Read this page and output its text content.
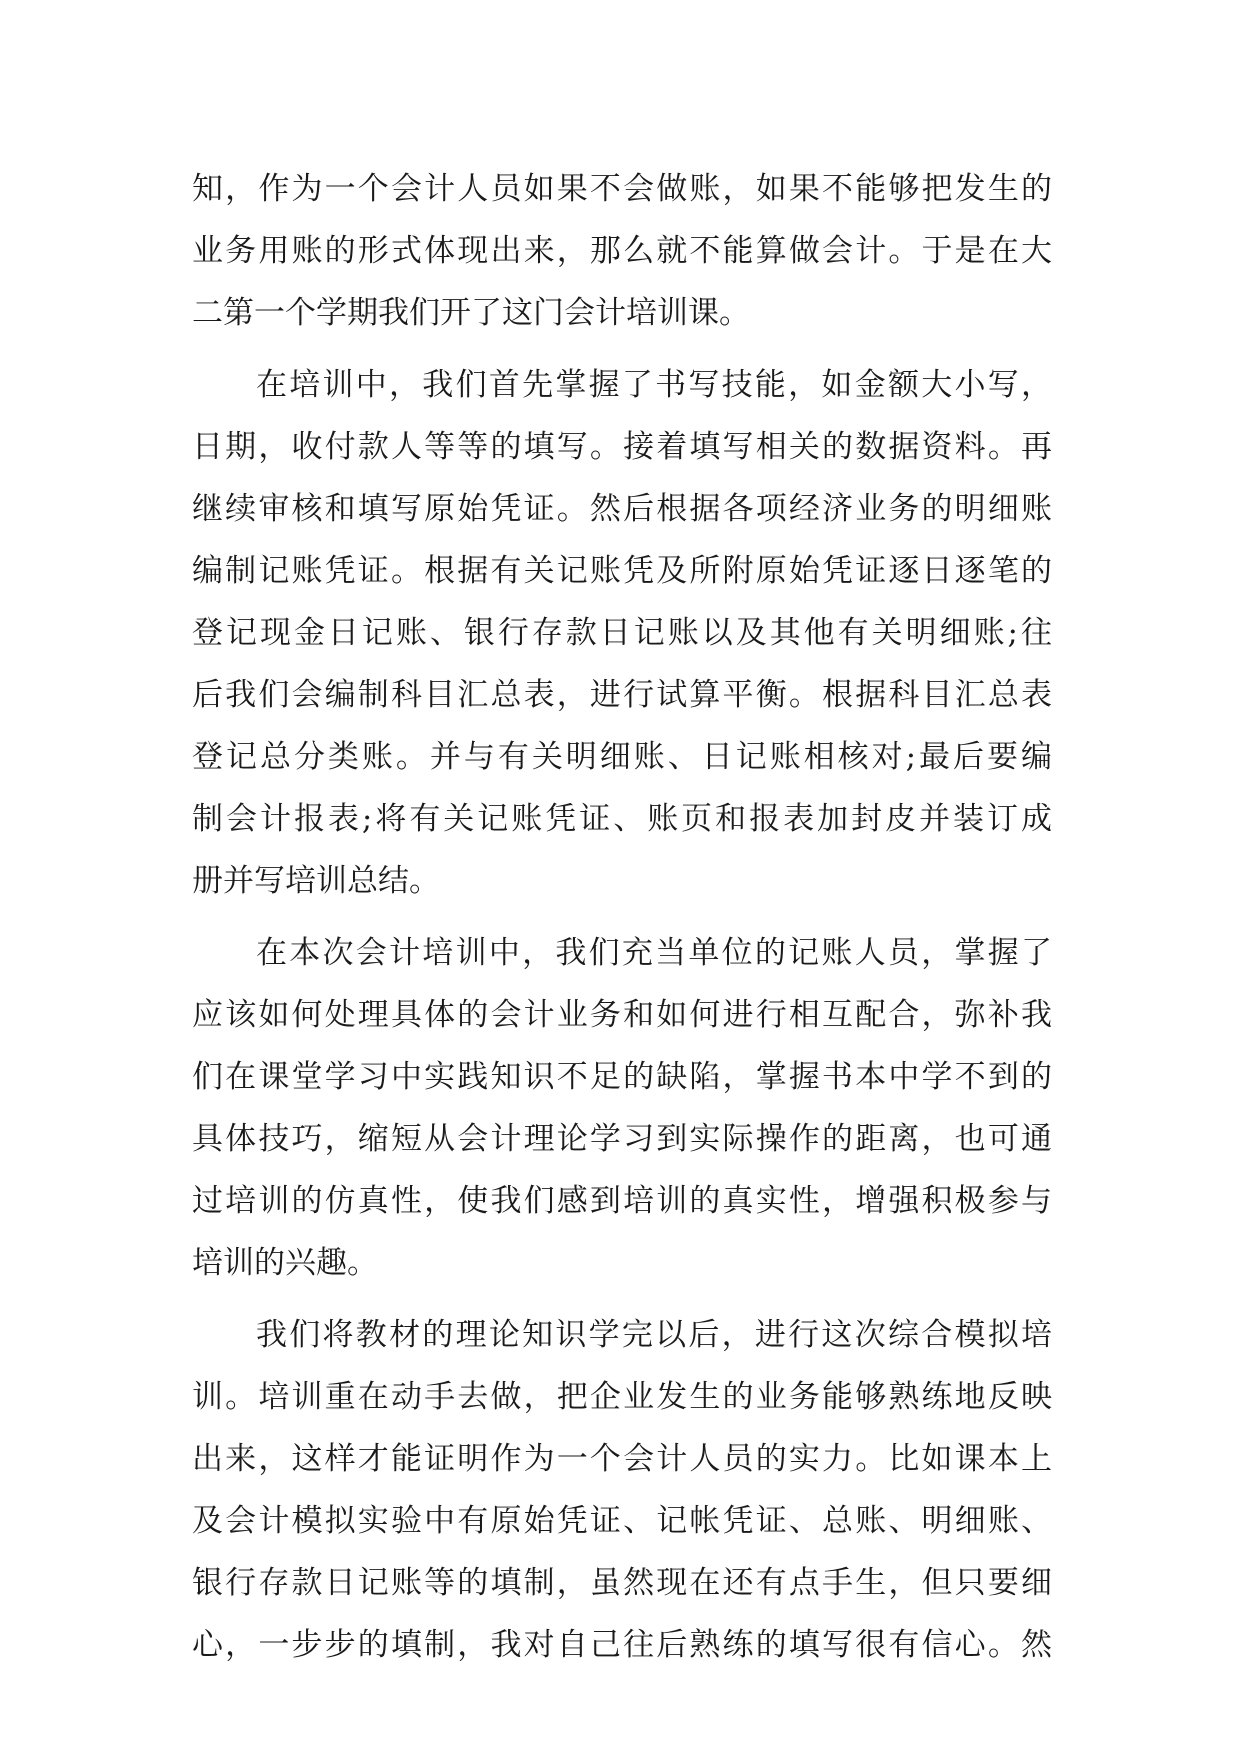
知，作为一个会计人员如果不会做账，如果不能够把发生的
业务用账的形式体现出来，那么就不能算做会计。于是在大
二第一个学期我们开了这门会计培训课。
在培训中，我们首先掌握了书写技能，如金额大小写，
日期，收付款人等等的填写。接着填写相关的数据资料。再
继续审核和填写原始凭证。然后根据各项经济业务的明细账
编制记账凭证。根据有关记账凭及所附原始凭证逐日逐笔的
登记现金日记账、银行存款日记账以及其他有关明细账;往
后我们会编制科目汇总表，进行试算平衡。根据科目汇总表
登记总分类账。并与有关明细账、日记账相核对;最后要编
制会计报表;将有关记账凭证、账页和报表加封皮并装订成
册并写培训总结。
在本次会计培训中，我们充当单位的记账人员，掌握了
应该如何处理具体的会计业务和如何进行相互配合，弥补我
们在课堂学习中实践知识不足的缺陷，掌握书本中学不到的
具体技巧，缩短从会计理论学习到实际操作的距离，也可通
过培训的仿真性，使我们感到培训的真实性，增强积极参与
培训的兴趣。
我们将教材的理论知识学完以后，进行这次综合模拟培
训。培训重在动手去做，把企业发生的业务能够熟练地反映
出来，这样才能证明作为一个会计人员的实力。比如课本上
及会计模拟实验中有原始凭证、记帐凭证、总账、明细账、
银行存款日记账等的填制，虽然现在还有点手生，但只要细
心，一步步的填制，我对自己往后熟练的填写很有信心。然
